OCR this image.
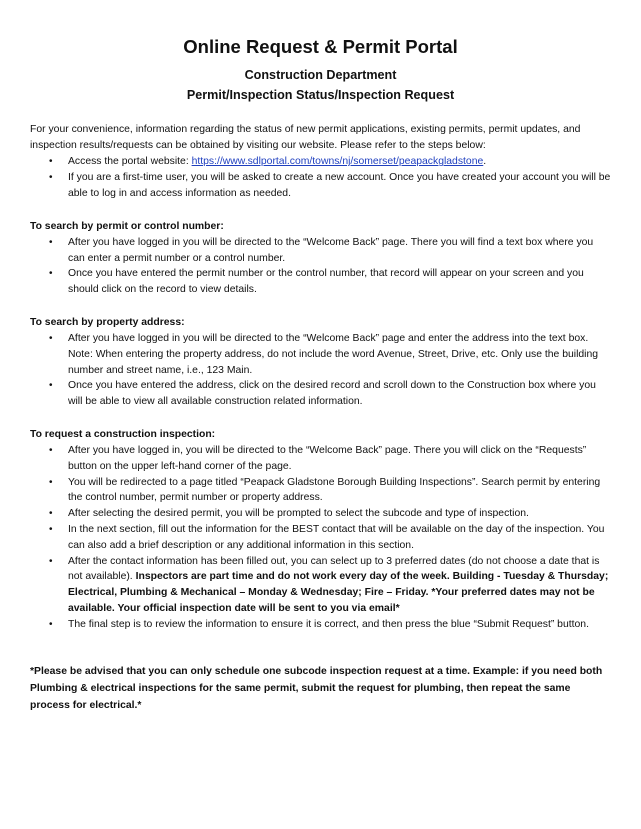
Online Request & Permit Portal
Construction Department
Permit/Inspection Status/Inspection Request

For your convenience, information regarding the status of new permit applications, existing permits, permit updates, and inspection results/requests can be obtained by visiting our website. Please refer to the steps below:

• Access the portal website: https://www.sdlportal.com/towns/nj/somerset/peapackgladstone.
• If you are a first-time user, you will be asked to create a new account. Once you have created your account you will be able to log in and access information as needed.

To search by permit or control number:

• After you have logged in you will be directed to the “Welcome Back” page. There you will find a text box where you can enter a permit number or a control number.
• Once you have entered the permit number or the control number, that record will appear on your screen and you should click on the record to view details.

To search by property address:

• After you have logged in you will be directed to the “Welcome Back” page and enter the address into the text box. Note: When entering the property address, do not include the word Avenue, Street, Drive, etc. Only use the building number and street name, i.e., 123 Main.
• Once you have entered the address, click on the desired record and scroll down to the Construction box where you will be able to view all available construction related information.

To request a construction inspection:

• After you have logged in, you will be directed to the “Welcome Back” page. There you will click on the “Requests” button on the upper left-hand corner of the page.
• You will be redirected to a page titled “Peapack Gladstone Borough Building Inspections”. Search permit by entering the control number, permit number or property address.
• After selecting the desired permit, you will be prompted to select the subcode and type of inspection.
• In the next section, fill out the information for the BEST contact that will be available on the day of the inspection. You can also add a brief description or any additional information in this section.
• After the contact information has been filled out, you can select up to 3 preferred dates (do not choose a date that is not available). Inspectors are part time and do not work every day of the week. Building - Tuesday & Thursday; Electrical, Plumbing & Mechanical – Monday & Wednesday; Fire – Friday. *Your preferred dates may not be available. Your official inspection date will be sent to you via email*
• The final step is to review the information to ensure it is correct, and then press the blue “Submit Request” button.

*Please be advised that you can only schedule one subcode inspection request at a time. Example: if you need both Plumbing & electrical inspections for the same permit, submit the request for plumbing, then repeat the same process for electrical.*
